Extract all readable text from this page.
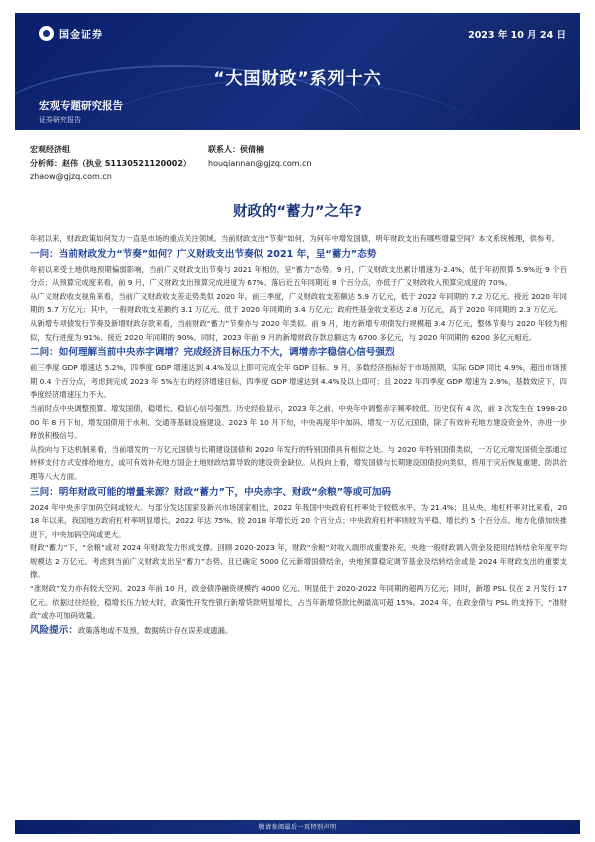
国金证券	2023 年 10 月 24 日
“大国财政”系列十六
宏观专题研究报告
证券研究报告
宏观经济组
分析师：赵伟（执业 S1130521120002）
zhaow@gjzq.com.cn
联系人：侯倩楠
houqiannan@gjzq.com.cn
财政的“蓄力”之年?

年初以来，财政政策如何发力一直是市场的重点关注领域。当前财政支出“节奏”如何、为何年中增发国债，明年财政支出有哪些增量空间？本文系统梳理，供参考。

一问：当前财政发力“节奏”如何？广义财政支出节奏似 2021 年，呈“蓄力”态势

年初以来受土地供地预期偏弱影响，当前广义财政支出节奏与 2021 年相仿，呈“蓄力”态势。9 月，广义财政支出累计增速为-2.4%，低于年初预算 5.9%近 9 个百分点；从预算完成度来看，前 9 月，广义财政支出预算完成进度为 67%、落后近五年同期近 8 个百分点，亦低于广义财政收入预算完成度的 70%。

从广义财政收支视角来看，当前广义财政收支差走势类似 2020 年。前三季度，广义财政收支差额达 5.9 万亿元，低于 2022 年同期的 7.2 万亿元、接近 2020 年同期的 5.7 万亿元；其中，一般财政收支差额约 3.1 万亿元、低于 2020 年同期的 3.4 万亿元；政府性基金收支差达 2.8 万亿元，高于 2020 年同期的 2.3 万亿元。

从新增专项债发行节奏及新增财政存款来看，当前财政“蓄力”节奏亦与 2020 年类似。前 9 月，地方新增专项债发行规模超 3.4 万亿元，整体节奏与 2020 年较为相似，发行进度为 91%、接近 2020 年同期的 90%。同时，2023 年前 9 月的新增财政存款总额达为 6700 多亿元，与 2020 年同期的 6200 多亿元相近。

二问：如何理解当前中央赤字调增？完成经济目标压力不大，调增赤字稳信心信号强烈

前三季度 GDP 增速达 5.2%，四季度 GDP 增速达到 4.4%及以上即可完成全年 GDP 目标。9 月，多数经济指标好于市场预期，实际 GDP 同比 4.9%，超出市场预期 0.4 个百分点，考虑到完成 2023 年 5%左右的经济增速目标，四季度 GDP 增速达到 4.4%及以上即可；且 2022 年四季度 GDP 增速为 2.9%，基数效应下，四季度经济增速压力不大。

当前时点中央调整预算、增发国债，稳增长、稳信心信号强烈。历史经验显示，2023 年之前，中央年中调整赤字频率较低、历史仅有 4 次，前 3 次发生在 1998-2000 年 8 月下旬，增发国债用于水利、交通等基础设施建设。2023 年 10 月下旬，中央再度年中加码、增发一万亿元国债，除了有效补充地方建设资金外，亦进一步释放积极信号。

从投向与下达机制来看，当前增发的一万亿元国债与长期建设国债和 2020 年发行的特别国债具有相似之处。与 2020 年特别国债类似，一万亿元增发国债全部通过转移支付方式安排给地方，或可有效补充地方国企土地财政结算导致的建设资金缺位。从投向上看，增发国债与长期建设国债投向类似，将用于灾后恢复重建、防洪治理等八大方面。

三问：明年财政可能的增量来源？财政“蓄力”下，中央赤字、财政“余粮”等或可加码

2024 年中央赤字加码空间或较大。与部分发达国家及新兴市场国家相比，2022 年我国中央政府杠杆率处于较低水平、为 21.4%；且从央、地杠杆率对比来看，2018 年以来，我国地方政府杠杆率明显增长，2022 年达 75%、较 2018 年增长近 20 个百分点；中央政府杠杆率则较为平稳、增长约 5 个百分点。地方化债加快推进下，中央加码空间或更大。

财政“蓄力”下，“余粮”或对 2024 年财政发力形成支撑。回顾 2020-2023 年，财政“余粮”对收入端形成重要补充，央地一般财政调入资金及使用结转结余年度平均规模达 2 万亿元。考虑到当前广义财政支出呈“蓄力”态势、且已确定 5000 亿元新增国债结余，央地预算稳定调节基金及结转结余或是 2024 年财政支出的重要支撑。

“准财政”发力亦有较大空间。2023 年前 10 月，政金债净融资规模约 4000 亿元、明显低于 2020-2022 年同期的超两万亿元；同时，新增 PSL 仅在 2 月发行 17 亿元。依据过往经验，稳增长压力较大时，政策性开发性银行新增贷款明显增长，占当年新增贷款比例最高可超 15%。2024 年，在政金债与 PSL 的支持下，“准财政”或亦可加码效量。

风险提示：政策落地或不及预，数据统计存在误差或遗漏。

敬请参阅最后一页特别声明	1
